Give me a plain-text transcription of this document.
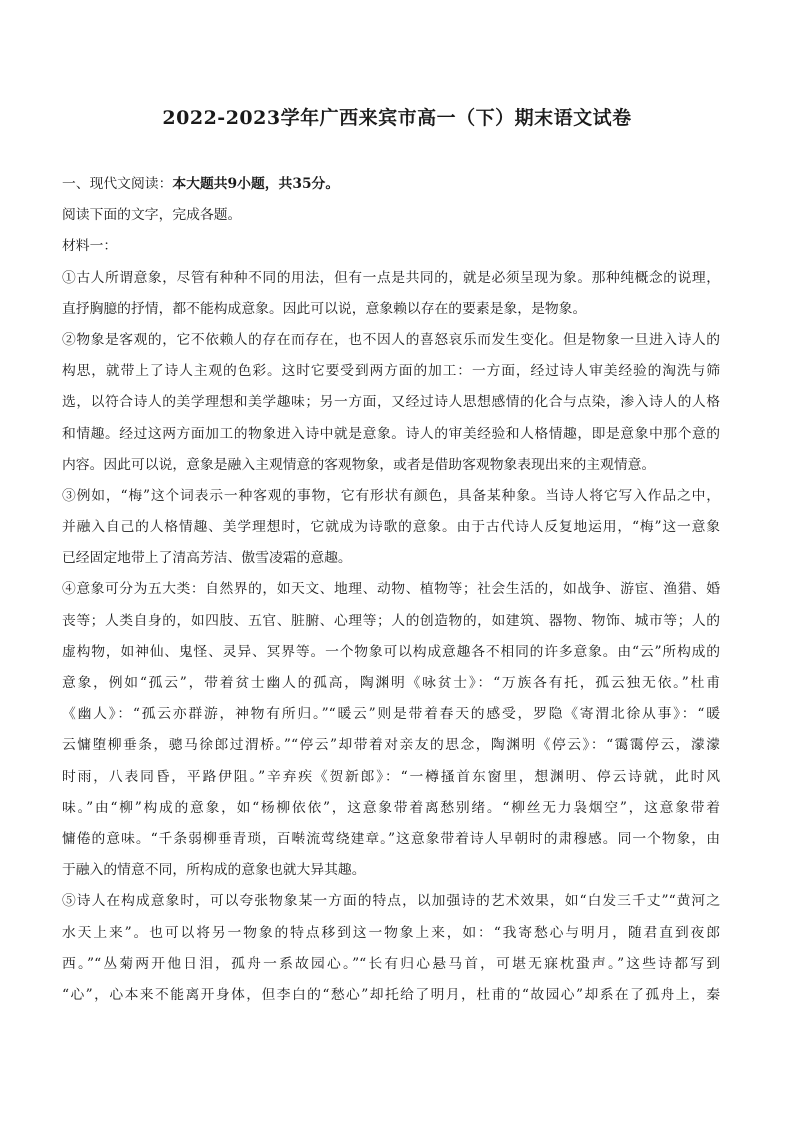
2022-2023学年广西来宾市高一（下）期末语文试卷
一、现代文阅读：本大题共9小题，共35分。
阅读下面的文字，完成各题。
材料一：
①古人所谓意象，尽管有种种不同的用法，但有一点是共同的，就是必须呈现为象。那种纯概念的说理，
直抒胸臆的抒情，都不能构成意象。因此可以说，意象赖以存在的要素是象，是物象。
②物象是客观的，它不依赖人的存在而存在，也不因人的喜怒哀乐而发生变化。但是物象一旦进入诗人的
构思，就带上了诗人主观的色彩。这时它要受到两方面的加工：一方面，经过诗人审美经验的淘洗与筛
选，以符合诗人的美学理想和美学趣味；另一方面，又经过诗人思想感情的化合与点染，渗入诗人的人格
和情趣。经过这两方面加工的物象进入诗中就是意象。诗人的审美经验和人格情趣，即是意象中那个意的
内容。因此可以说，意象是融入主观情意的客观物象，或者是借助客观物象表现出来的主观情意。
③例如，“梅”这个词表示一种客观的事物，它有形状有颜色，具备某种象。当诗人将它写入作品之中，
并融入自己的人格情趣、美学理想时，它就成为诗歌的意象。由于古代诗人反复地运用，“梅”这一意象
已经固定地带上了清高芳洁、傲雪凌霜的意趣。
④意象可分为五大类：自然界的，如天文、地理、动物、植物等；社会生活的，如战争、游宦、渔猎、婚
丧等；人类自身的，如四肢、五官、脏腑、心理等；人的创造物的，如建筑、器物、物饰、城市等；人的
虚构物，如神仙、鬼怪、灵异、冥界等。一个物象可以构成意趣各不相同的许多意象。由“云”所构成的
意象，例如“孤云”，带着贫士幽人的孤高，陶渊明《咏贫士》：“万族各有托，孤云独无依。”杜甫
《幽人》：“孤云亦群游，神物有所归。”“暖云”则是带着春天的感受，罗隐《寄渭北徐从事》：“暖
云慵堕柳垂条，骢马徐郎过渭桥。”“停云”却带着对亲友的思念，陶渊明《停云》：“霭霭停云，濛濛
时雨，八表同昏，平路伊阻。”辛弃疾《贺新郎》：“一樽搔首东窗里，想渊明、停云诗就，此时风
味。”由“柳”构成的意象，如“杨柳依依”，这意象带着离愁别绪。“柳丝无力袅烟空”，这意象带着
慵倦的意味。“千条弱柳垂青琐，百啭流莺绕建章。”这意象带着诗人早朝时的肃穆感。同一个物象，由
于融入的情意不同，所构成的意象也就大异其趣。
⑤诗人在构成意象时，可以夸张物象某一方面的特点，以加强诗的艺术效果，如“白发三千丈”“黄河之
水天上来”。也可以将另一物象的特点移到这一物象上来，如：“我寄愁心与明月，随君直到夜郎
西。”“丛菊两开他日泪，孤舟一系故园心。”“长有归心悬马首，可堪无寐枕蛩声。”这些诗都写到
“心”，心本来不能离开身体，但李白的“愁心”却托给了明月，杜甫的“故园心”却系在了孤舟上，秦
